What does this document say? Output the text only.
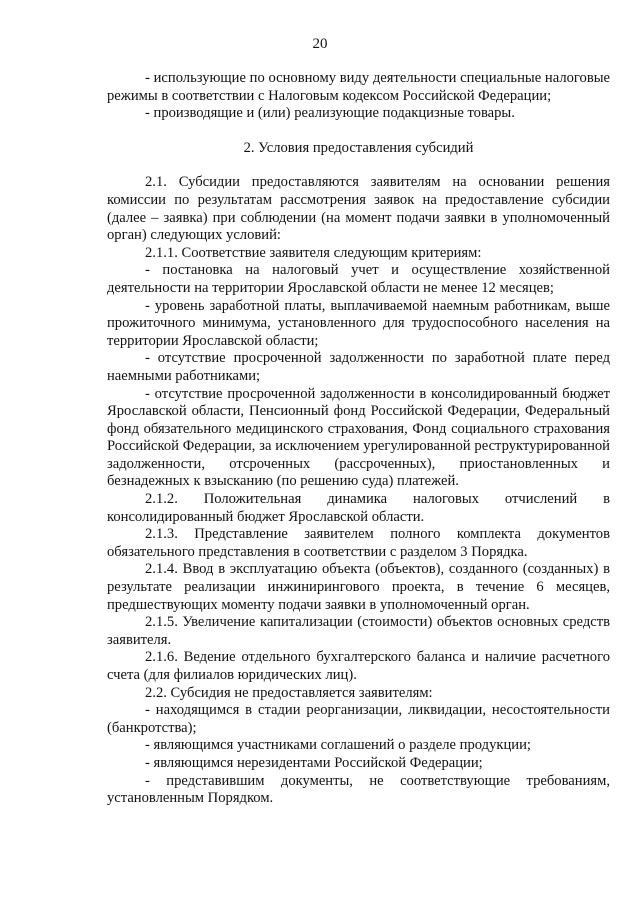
20

- использующие по основному виду деятельности специальные налоговые режимы в соответствии с Налоговым кодексом Российской Федерации;

- производящие и (или) реализующие подакцизные товары.

2. Условия предоставления субсидий

2.1. Субсидии предоставляются заявителям на основании решения комиссии по результатам рассмотрения заявок на предоставление субсидии (далее – заявка) при соблюдении (на момент подачи заявки в уполномоченный орган) следующих условий:

2.1.1. Соответствие заявителя следующим критериям:

- постановка на налоговый учет и осуществление хозяйственной деятельности на территории Ярославской области не менее 12 месяцев;

- уровень заработной платы, выплачиваемой наемным работникам, выше прожиточного минимума, установленного для трудоспособного населения на территории Ярославской области;

- отсутствие просроченной задолженности по заработной плате перед наемными работниками;

- отсутствие просроченной задолженности в консолидированный бюджет Ярославской области, Пенсионный фонд Российской Федерации, Федеральный фонд обязательного медицинского страхования, Фонд социального страхования Российской Федерации, за исключением урегулированной реструктурированной задолженности, отсроченных (рассроченных), приостановленных и безнадежных к взысканию (по решению суда) платежей.

2.1.2. Положительная динамика налоговых отчислений в консолидированный бюджет Ярославской области.

2.1.3. Представление заявителем полного комплекта документов обязательного представления в соответствии с разделом 3 Порядка.

2.1.4. Ввод в эксплуатацию объекта (объектов), созданного (созданных) в результате реализации инжинирингового проекта, в течение 6 месяцев, предшествующих моменту подачи заявки в уполномоченный орган.

2.1.5. Увеличение капитализации (стоимости) объектов основных средств заявителя.

2.1.6. Ведение отдельного бухгалтерского баланса и наличие расчетного счета (для филиалов юридических лиц).

2.2. Субсидия не предоставляется заявителям:

- находящимся в стадии реорганизации, ликвидации, несостоятельности (банкротства);

- являющимся участниками соглашений о разделе продукции;

- являющимся нерезидентами Российской Федерации;

- представившим документы, не соответствующие требованиям, установленным Порядком.
